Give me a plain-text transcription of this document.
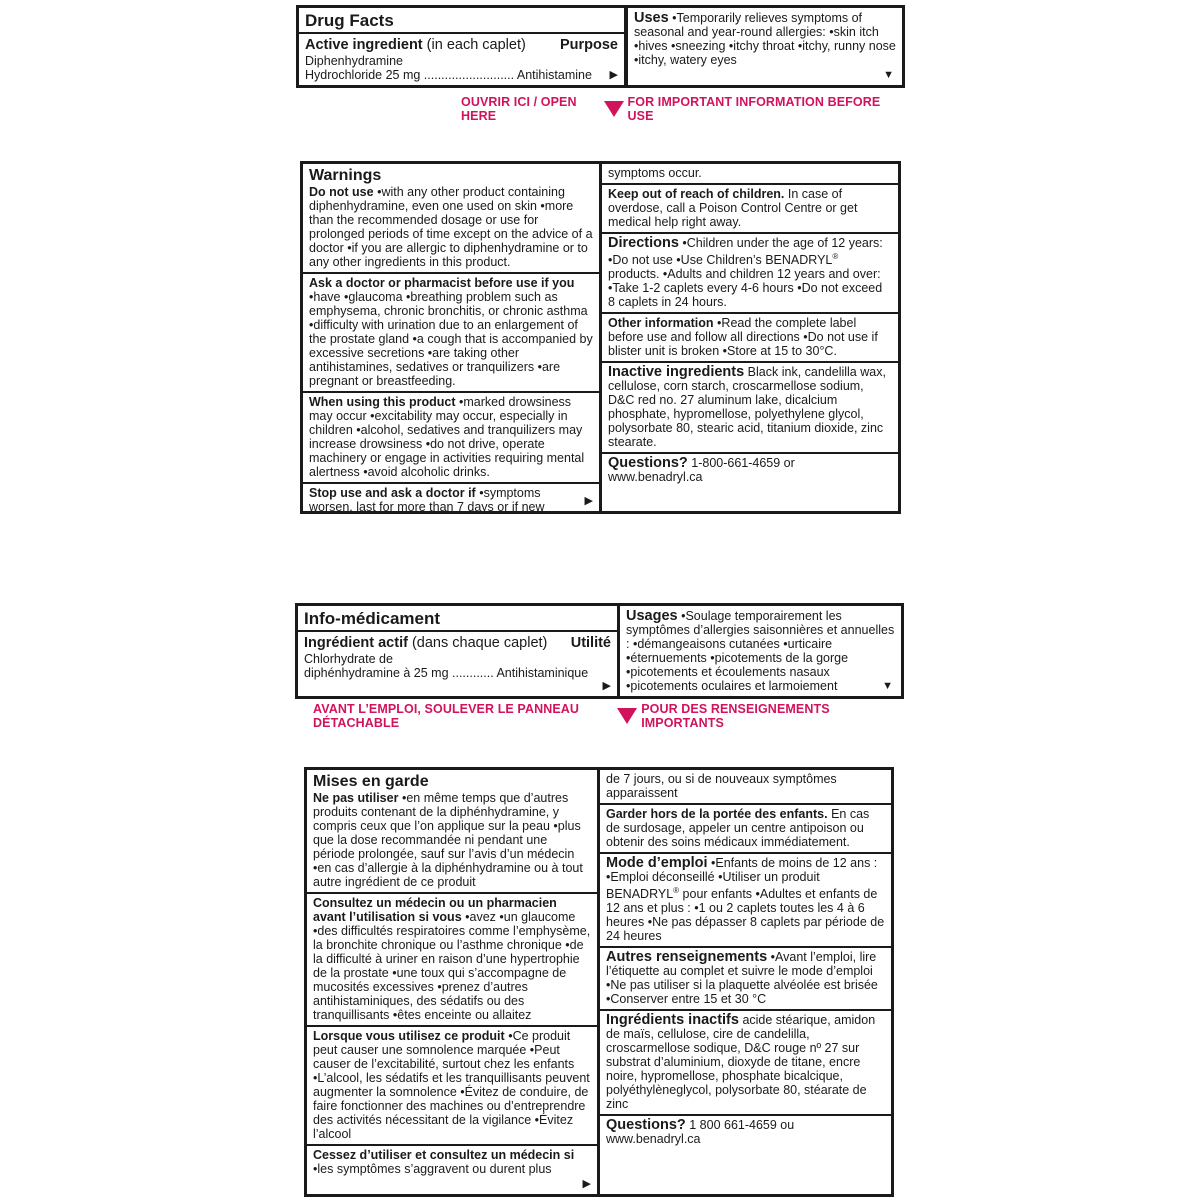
Drug Facts
Active ingredient (in each caplet) Purpose
Diphenhydramine
Hydrochloride 25 mg .......................... Antihistamine	▶
Uses •Temporarily relieves symptoms of seasonal and year-round allergies: •skin itch •hives •sneezing •itchy throat •itchy, runny nose •itchy, watery eyes
▼
OUVRIR ICI / OPEN HERE
FOR IMPORTANT INFORMATION BEFORE USE
Warnings
Do not use •with any other product containing diphenhydramine, even one used on skin •more than the recommended dosage or use for prolonged periods of time except on the advice of a doctor •if you are allergic to diphenhydramine or to any other ingredients in this product.
Ask a doctor or pharmacist before use if you •have •glaucoma •breathing problem such as emphysema, chronic bronchitis, or chronic asthma •difficulty with urination due to an enlargement of the prostate gland •a cough that is accompanied by excessive secretions •are taking other antihistamines, sedatives or tranquilizers •are pregnant or breastfeeding.
When using this product •marked drowsiness may occur •excitability may occur, especially in children •alcohol, sedatives and tranquilizers may increase drowsiness •do not drive, operate machinery or engage in activities requiring mental alertness •avoid alcoholic drinks.
Stop use and ask a doctor if •symptoms worsen, last for more than 7 days or if new	▶
symptoms occur.
Keep out of reach of children. In case of overdose, call a Poison Control Centre or get medical help right away.
Directions •Children under the age of 12 years: •Do not use •Use Children’s BENADRYL® products. •Adults and children 12 years and over: •Take 1-2 caplets every 4-6 hours •Do not exceed 8 caplets in 24 hours.
Other information •Read the complete label before use and follow all directions •Do not use if blister unit is broken •Store at 15 to 30°C.
Inactive ingredients Black ink, candelilla wax, cellulose, corn starch, croscarmellose sodium, D&C red no. 27 aluminum lake, dicalcium phosphate, hypromellose, polyethylene glycol, polysorbate 80, stearic acid, titanium dioxide, zinc stearate.
Questions? 1-800-661-4659 or
www.benadryl.ca
Info-médicament
Ingrédient actif (dans chaque caplet) Utilité
Chlorhydrate de
diphénhydramine à 25 mg ............ Antihistaminique
▶
Usages •Soulage temporairement les symptômes d’allergies saisonnières et annuelles : •démangeaisons cutanées •urticaire •éternuements •picotements de la gorge •picotements et écoulements nasaux •picotements oculaires et larmoiement	▼
AVANT L’EMPLOI, SOULEVER LE PANNEAU DÉTACHABLE
POUR DES RENSEIGNEMENTS IMPORTANTS
Mises en garde
Ne pas utiliser •en même temps que d’autres produits contenant de la diphénhydramine, y compris ceux que l’on applique sur la peau •plus que la dose recommandée ni pendant une période prolongée, sauf sur l’avis d’un médecin •en cas d’allergie à la diphénhydramine ou à tout autre ingrédient de ce produit
Consultez un médecin ou un pharmacien avant l’utilisation si vous •avez •un glaucome •des difficultés respiratoires comme l’emphysème, la bronchite chronique ou l’asthme chronique •de la difficulté à uriner en raison d’une hypertrophie de la prostate •une toux qui s’accompagne de mucosités excessives •prenez d’autres antihistaminiques, des sédatifs ou des tranquillisants •êtes enceinte ou allaitez
Lorsque vous utilisez ce produit •Ce produit peut causer une somnolence marquée •Peut causer de l’excitabilité, surtout chez les enfants •L’alcool, les sédatifs et les tranquillisants peuvent augmenter la somnolence •Évitez de conduire, de faire fonctionner des machines ou d’entreprendre des activités nécessitant de la vigilance •Évitez l’alcool
Cessez d’utiliser et consultez un médecin si •les symptômes s’aggravent ou durent plus
▶
de 7 jours, ou si de nouveaux symptômes apparaissent
Garder hors de la portée des enfants. En cas de surdosage, appeler un centre antipoison ou obtenir des soins médicaux immédiatement.
Mode d’emploi •Enfants de moins de 12 ans : •Emploi déconseillé •Utiliser un produit BENADRYL® pour enfants •Adultes et enfants de 12 ans et plus : •1 ou 2 caplets toutes les 4 à 6 heures •Ne pas dépasser 8 caplets par période de 24 heures
Autres renseignements •Avant l’emploi, lire l’étiquette au complet et suivre le mode d’emploi •Ne pas utiliser si la plaquette alvéolée est brisée •Conserver entre 15 et 30 °C
Ingrédients inactifs acide stéarique, amidon de maïs, cellulose, cire de candelilla, croscarmellose sodique, D&C rouge nº 27 sur substrat d’aluminium, dioxyde de titane, encre noire, hypromellose, phosphate bicalcique, polyéthylèneglycol, polysorbate 80, stéarate de zinc
Questions? 1 800 661-4659 ou
www.benadryl.ca
